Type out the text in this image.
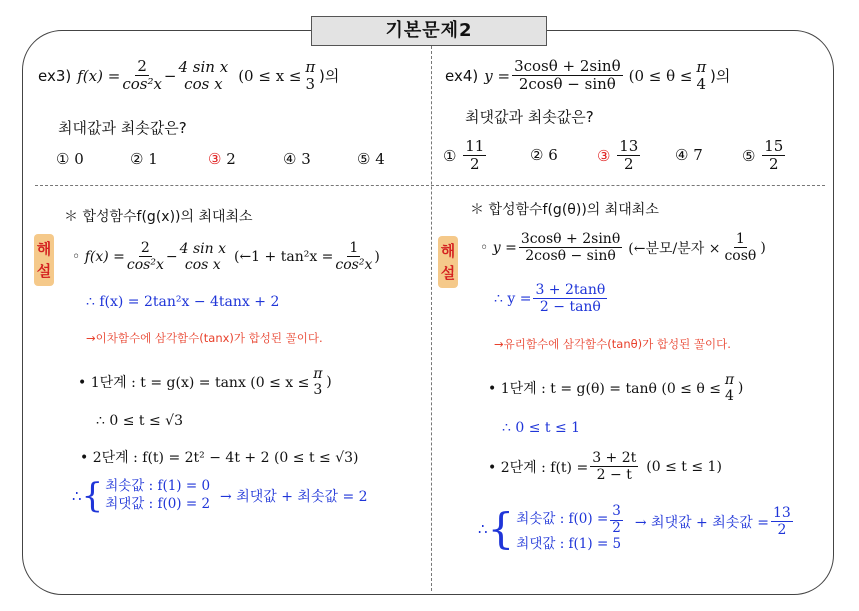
기본문제2
ex3) $f(x) = \frac{2}{\text{cos²x}}$ −
4 sin x
cos x (0 ≤ x ≤
π
3 )의
최대값과 최솟값은?
①
0	②
1	③
2	④
3	⑤
4
해설
＊ 합성함수f(g(x))의 최대최소
◦ $f(x) = \frac{2}{\text{cos²x}}$ −
4 sin x
cos x (←1 + $\tan^2x = \frac{1}{\text{cos²x}}$ )
∴ f(x) = 2tan²x − 4tanx + 2
→이차함수에 삼각함수(tanx)가 합성된 꼴이다.
• 1단계 : t = g(x) = tanx (0 ≤ x ≤
π
3 )
∴ 0 ≤ t ≤ √3
• 2단계 : f(t) = 2t² − 4t + 2 (0 ≤ t ≤ √3)
∴ { 최솟값 : f(1) = 0
최댓값 : f(0) = 2 → 최댓값 + 최솟값 = 2
ex4) $y = \frac{3\cos\theta + 2\sin\theta}{2\cos\theta - \sin\theta} (0 \le \theta$ ≤
π
4 )의
최댓값과 최솟값은?
①
$\frac{11}{2}$	②
6	③
$\frac{13}{2}$ ④
7	⑤
$\frac{15}{2}$
해설
＊ 합성함수f(g(θ))의 최대최소
◦ $y = \frac{3\cos\theta + 2\sin\theta}{2\cos\theta - \sin\theta}$ (←분모/분자 × $\frac{1}{\cos\theta}$ )
∴ $y = \frac{3 + 2\tan\theta}{2 - \tan\theta}$
→유리함수에 삼각함수(tanθ)가 합성된 꼴이다.
• 1단계 : t = g(θ) = tanθ (0 ≤ θ ≤
π
4 )
∴ 0 ≤ t ≤ 1
• 2단계 : $f(t) = \frac{3 + 2t}{2 - t} (0 \le t \le 1)$
∴ { 최솟값 : $f(0) = \frac{3}{2}$
최댓값 : f(1) = 5
→ 최댓값 + 최솟값 = $\frac{13}{2}$
